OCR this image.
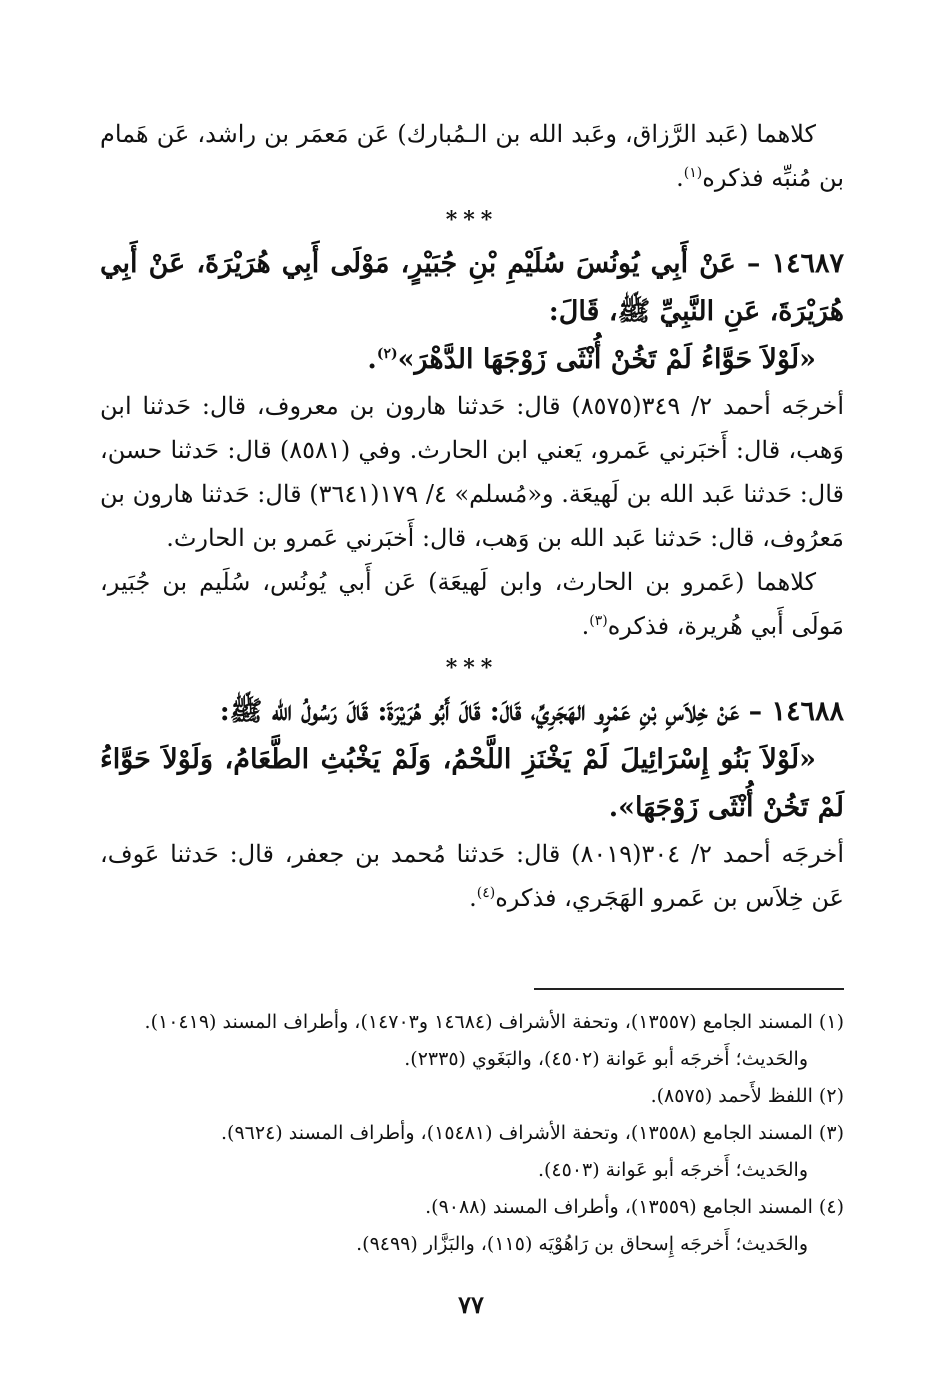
كلاهما (عَبد الرَّزاق، وعَبد الله بن الـمُبارك) عَن مَعمَر بن راشد، عَن هَمام بن مُنبِّه فذكره$^{(١)}$.

***

١٤٦٨٧ – عَنْ أَبِي يُونُسَ سُلَيْمِ بْنِ جُبَيْرٍ، مَوْلَى أَبِي هُرَيْرَةَ، عَنْ أَبِي هُرَيْرَةَ، عَنِ النَّبِيِّ ﷺ، قَالَ:

«لَوْلاَ حَوَّاءُ لَمْ تَخُنْ أُنْثَى زَوْجَهَا الدَّهْرَ»$^{(٢)}$.

أخرجَه أحمد ٢/ ٣٤٩(٨٥٧٥) قال: حَدثنا هارون بن معروف، قال: حَدثنا ابن وَهب، قال: أَخبَرني عَمرو، يَعني ابن الحارث. وفي (٨٥٨١) قال: حَدثنا حسن، قال: حَدثنا عَبد الله بن لَهيعَة. و«مُسلم» ٤/ ١٧٩(٣٦٤١) قال: حَدثنا هارون بن مَعرُوف، قال: حَدثنا عَبد الله بن وَهب، قال: أَخبَرني عَمرو بن الحارث.

كلاهما (عَمرو بن الحارث، وابن لَهيعَة) عَن أَبي يُونُس، سُلَيم بن جُبَير، مَولَى أَبي هُريرة، فذكره$^{(٣)}$.

***

١٤٦٨٨ – عَنْ خِلاَسِ بْنِ عَمْرٍو الهَجَرِيِّ، قَالَ: قَالَ أَبُو هُرَيْرَةَ: قَالَ رَسُولُ الله ﷺ:

«لَوْلاَ بَنُو إِسْرَائِيلَ لَمْ يَخْنَزِ اللَّحْمُ، وَلَمْ يَخْبُثِ الطَّعَامُ، وَلَوْلاَ حَوَّاءُ لَمْ تَخُنْ أُنْثَى زَوْجَهَا».

أخرجَه أحمد ٢/ ٣٠٤(٨٠١٩) قال: حَدثنا مُحمد بن جعفر، قال: حَدثنا عَوف، عَن خِلاَس بن عَمرو الهَجَري، فذكره$^{(٤)}$.

(١) المسند الجامع (١٣٥٥٧)، وتحفة الأشراف (١٤٦٨٤ و١٤٧٠٣)، وأطراف المسند (١٠٤١٩).

والحَديث؛ أَخرجَه أبو عَوانة (٤٥٠٢)، والبَغَوي (٢٣٣٥).

(٢) اللفظ لأَحمد (٨٥٧٥).

(٣) المسند الجامع (١٣٥٥٨)، وتحفة الأشراف (١٥٤٨١)، وأطراف المسند (٩٦٢٤).

والحَديث؛ أَخرجَه أبو عَوانة (٤٥٠٣).

(٤) المسند الجامع (١٣٥٥٩)، وأطراف المسند (٩٠٨٨).

والحَديث؛ أَخرجَه إِسحاق بن رَاهُوْيَه (١١٥)، والبَزَّار (٩٤٩٩).

٧٧
